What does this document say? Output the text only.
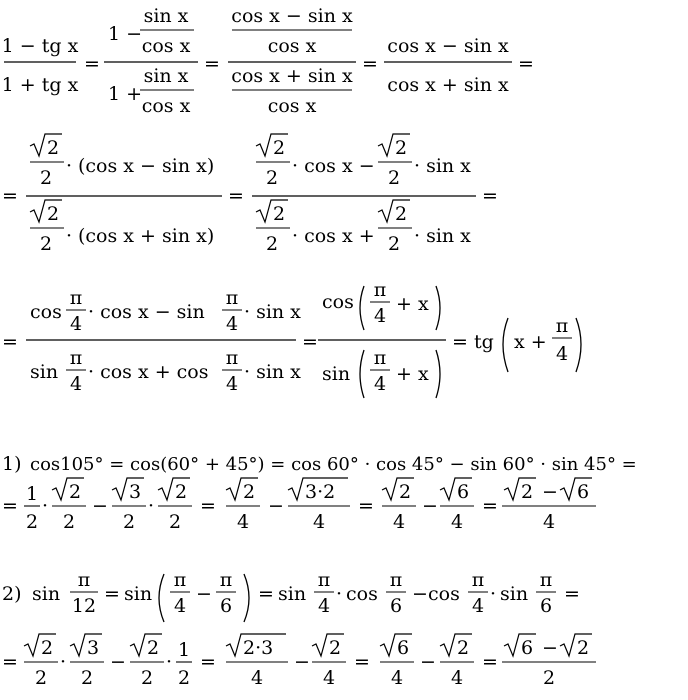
1 − tg x
1 + tg x
=
1 −
sin x
cos x
1 +
sin x
cos x
=
cos x − sin x
cos x
cos x + sin x
cos x
=
cos x − sin x
cos x + sin x
=
=
2
2
· (cos x − sin x)
2
2 · (cos x + sin x)
=
2
2
· cos x −
2
2
· sin x
2
2 · cos x +
2
2 · sin x
=
=
cos
π
4
· cos x − sin
π
4
· sin x
sin
π
4
· cos x + cos
π
4
· sin x
=
cos
π
4
+ x
sin
π
4 + x
= tg x +
π
4
1) cos105° = cos(60° + 45°) = cos 60° · cos 45° − sin 60° · sin 45° =
=
1
2
·
2
2
−
3
2
·
2
2
=
2
4
−
3·2
4
=
2
4
−
6
4
=
2 − 6
4
2) sin
π
12
= sin
π
4
−
π
6
= sin
π
4
· cos
π
6
− cos
π
4
· sin
π
6
=
=
2
2
·
3
2
−
2
2
·
1
2
=
2·3
4
−
2
4
=
6
4
−
2
4
=
6 − 2
2
